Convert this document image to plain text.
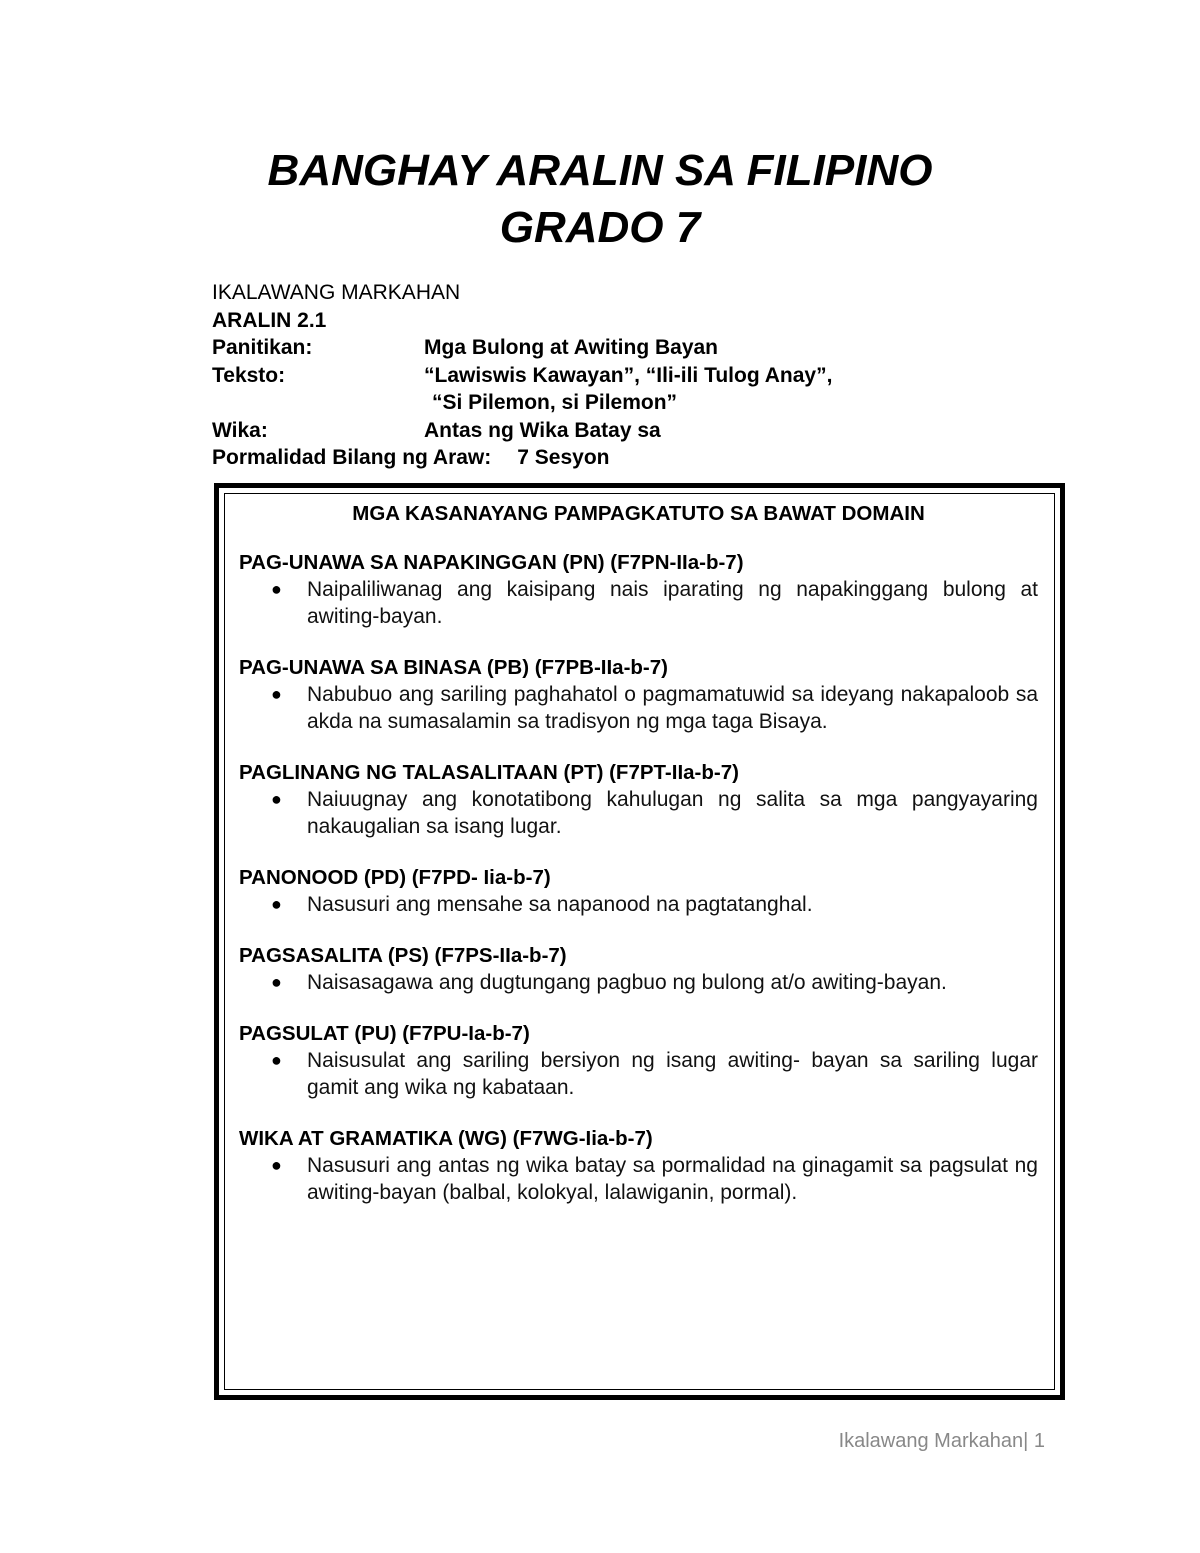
BANGHAY ARALIN SA FILIPINO
GRADO 7
IKALAWANG MARKAHAN
ARALIN 2.1
Panitikan:	Mga Bulong at Awiting Bayan
Teksto:	“Lawiswis Kawayan”, “Ili-ili Tulog Anay”,
“Si Pilemon, si Pilemon”
Wika:	Antas ng Wika Batay sa
Pormalidad Bilang ng Araw:	7 Sesyon
MGA KASANAYANG PAMPAGKATUTO SA BAWAT DOMAIN
PAG-UNAWA SA NAPAKINGGAN (PN) (F7PN-IIa-b-7)
●	Naipaliliwanag ang kaisipang nais iparating ng napakinggang bulong at awiting-bayan.
PAG-UNAWA SA BINASA (PB) (F7PB-IIa-b-7)
●	Nabubuo ang sariling paghahatol o pagmamatuwid sa ideyang nakapaloob sa akda na sumasalamin sa tradisyon ng mga taga Bisaya.
PAGLINANG NG TALASALITAAN (PT) (F7PT-IIa-b-7)
●	Naiuugnay ang konotatibong kahulugan ng salita sa mga pangyayaring nakaugalian sa isang lugar.
PANONOOD (PD) (F7PD- Iia-b-7)
●	Nasusuri ang mensahe sa napanood na pagtatanghal.
PAGSASALITA (PS) (F7PS-IIa-b-7)
●	Naisasagawa ang dugtungang pagbuo ng bulong at/o awiting-bayan.
PAGSULAT (PU) (F7PU-Ia-b-7)
●	Naisusulat ang sariling bersiyon ng isang awiting- bayan sa sariling lugar gamit ang wika ng kabataan.
WIKA AT GRAMATIKA (WG) (F7WG-Iia-b-7)
●	Nasusuri ang antas ng wika batay sa pormalidad na ginagamit sa pagsulat ng awiting-bayan (balbal, kolokyal, lalawiganin, pormal).
Ikalawang Markahan| 1
